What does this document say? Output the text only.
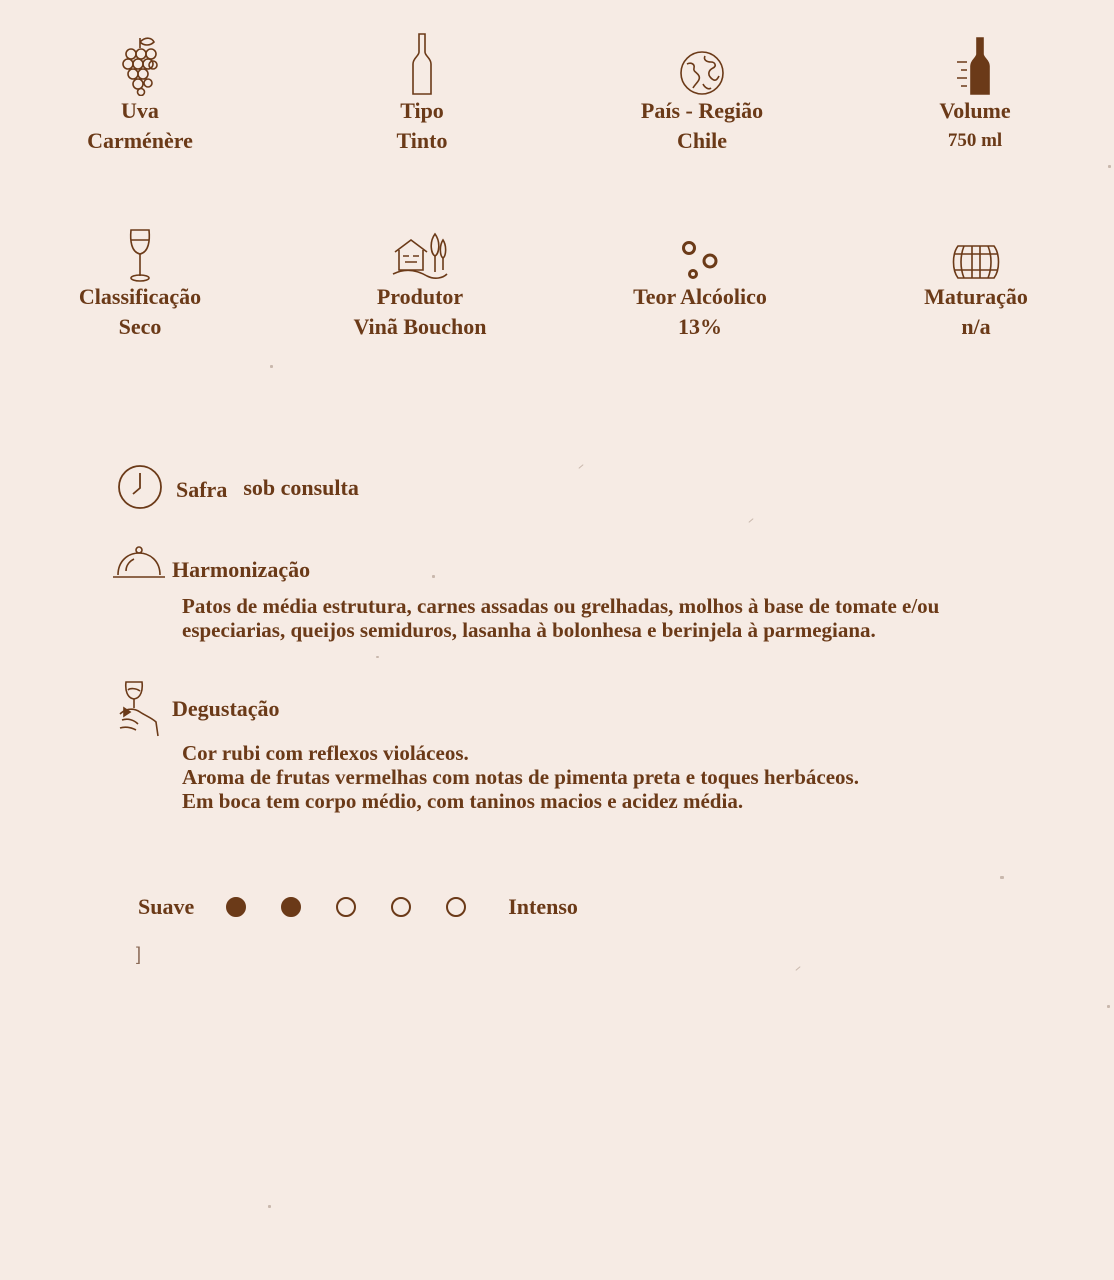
Uva
Carménère
Tipo
Tinto
País - Região
Chile
Volume
750 ml
Classificação
Seco
Produtor
Vinã Bouchon
Teor Alcóolico
13%
Maturação
n/a
Safra sob consulta
Harmonização
Patos de média estrutura, carnes assadas ou grelhadas, molhos à base de tomate e/ou
especiarias, queijos semiduros, lasanha à bolonhesa e berinjela à parmegiana.
Degustação
Cor rubi com reflexos violáceos.
Aroma de frutas vermelhas com notas de pimenta preta e toques herbáceos.
Em boca tem corpo médio, com taninos macios e acidez média.
Suave	Intenso
]
